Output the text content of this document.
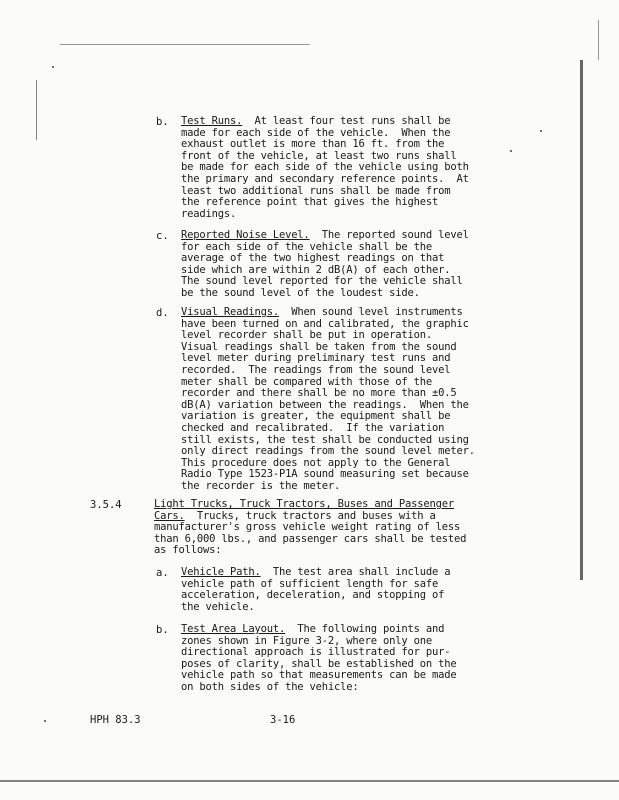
b. Test Runs.  At least four test runs shall be
made for each side of the vehicle.  When the
exhaust outlet is more than 16 ft. from the
front of the vehicle, at least two runs shall
be made for each side of the vehicle using both
the primary and secondary reference points.  At
least two additional runs shall be made from
the reference point that gives the highest
readings.
c. Reported Noise Level.  The reported sound level
for each side of the vehicle shall be the
average of the two highest readings on that
side which are within 2 dB(A) of each other.
The sound level reported for the vehicle shall
be the sound level of the loudest side.
d. Visual Readings.  When sound level instruments
have been turned on and calibrated, the graphic
level recorder shall be put in operation.
Visual readings shall be taken from the sound
level meter during preliminary test runs and
recorded.  The readings from the sound level
meter shall be compared with those of the
recorder and there shall be no more than ±0.5
dB(A) variation between the readings.  When the
variation is greater, the equipment shall be
checked and recalibrated.  If the variation
still exists, the test shall be conducted using
only direct readings from the sound level meter.
This procedure does not apply to the General
Radio Type 1523-P1A sound measuring set because
the recorder is the meter.
3.5.4	Light Trucks, Truck Tractors, Buses and Passenger
Cars.  Trucks, truck tractors and buses with a
manufacturer's gross vehicle weight rating of less
than 6,000 lbs., and passenger cars shall be tested
as follows:
a. Vehicle Path.  The test area shall include a
vehicle path of sufficient length for safe
acceleration, deceleration, and stopping of
the vehicle.
b. Test Area Layout.  The following points and
zones shown in Figure 3-2, where only one
directional approach is illustrated for pur-
poses of clarity, shall be established on the
vehicle path so that measurements can be made
on both sides of the vehicle:
HPH 83.3	3-16
